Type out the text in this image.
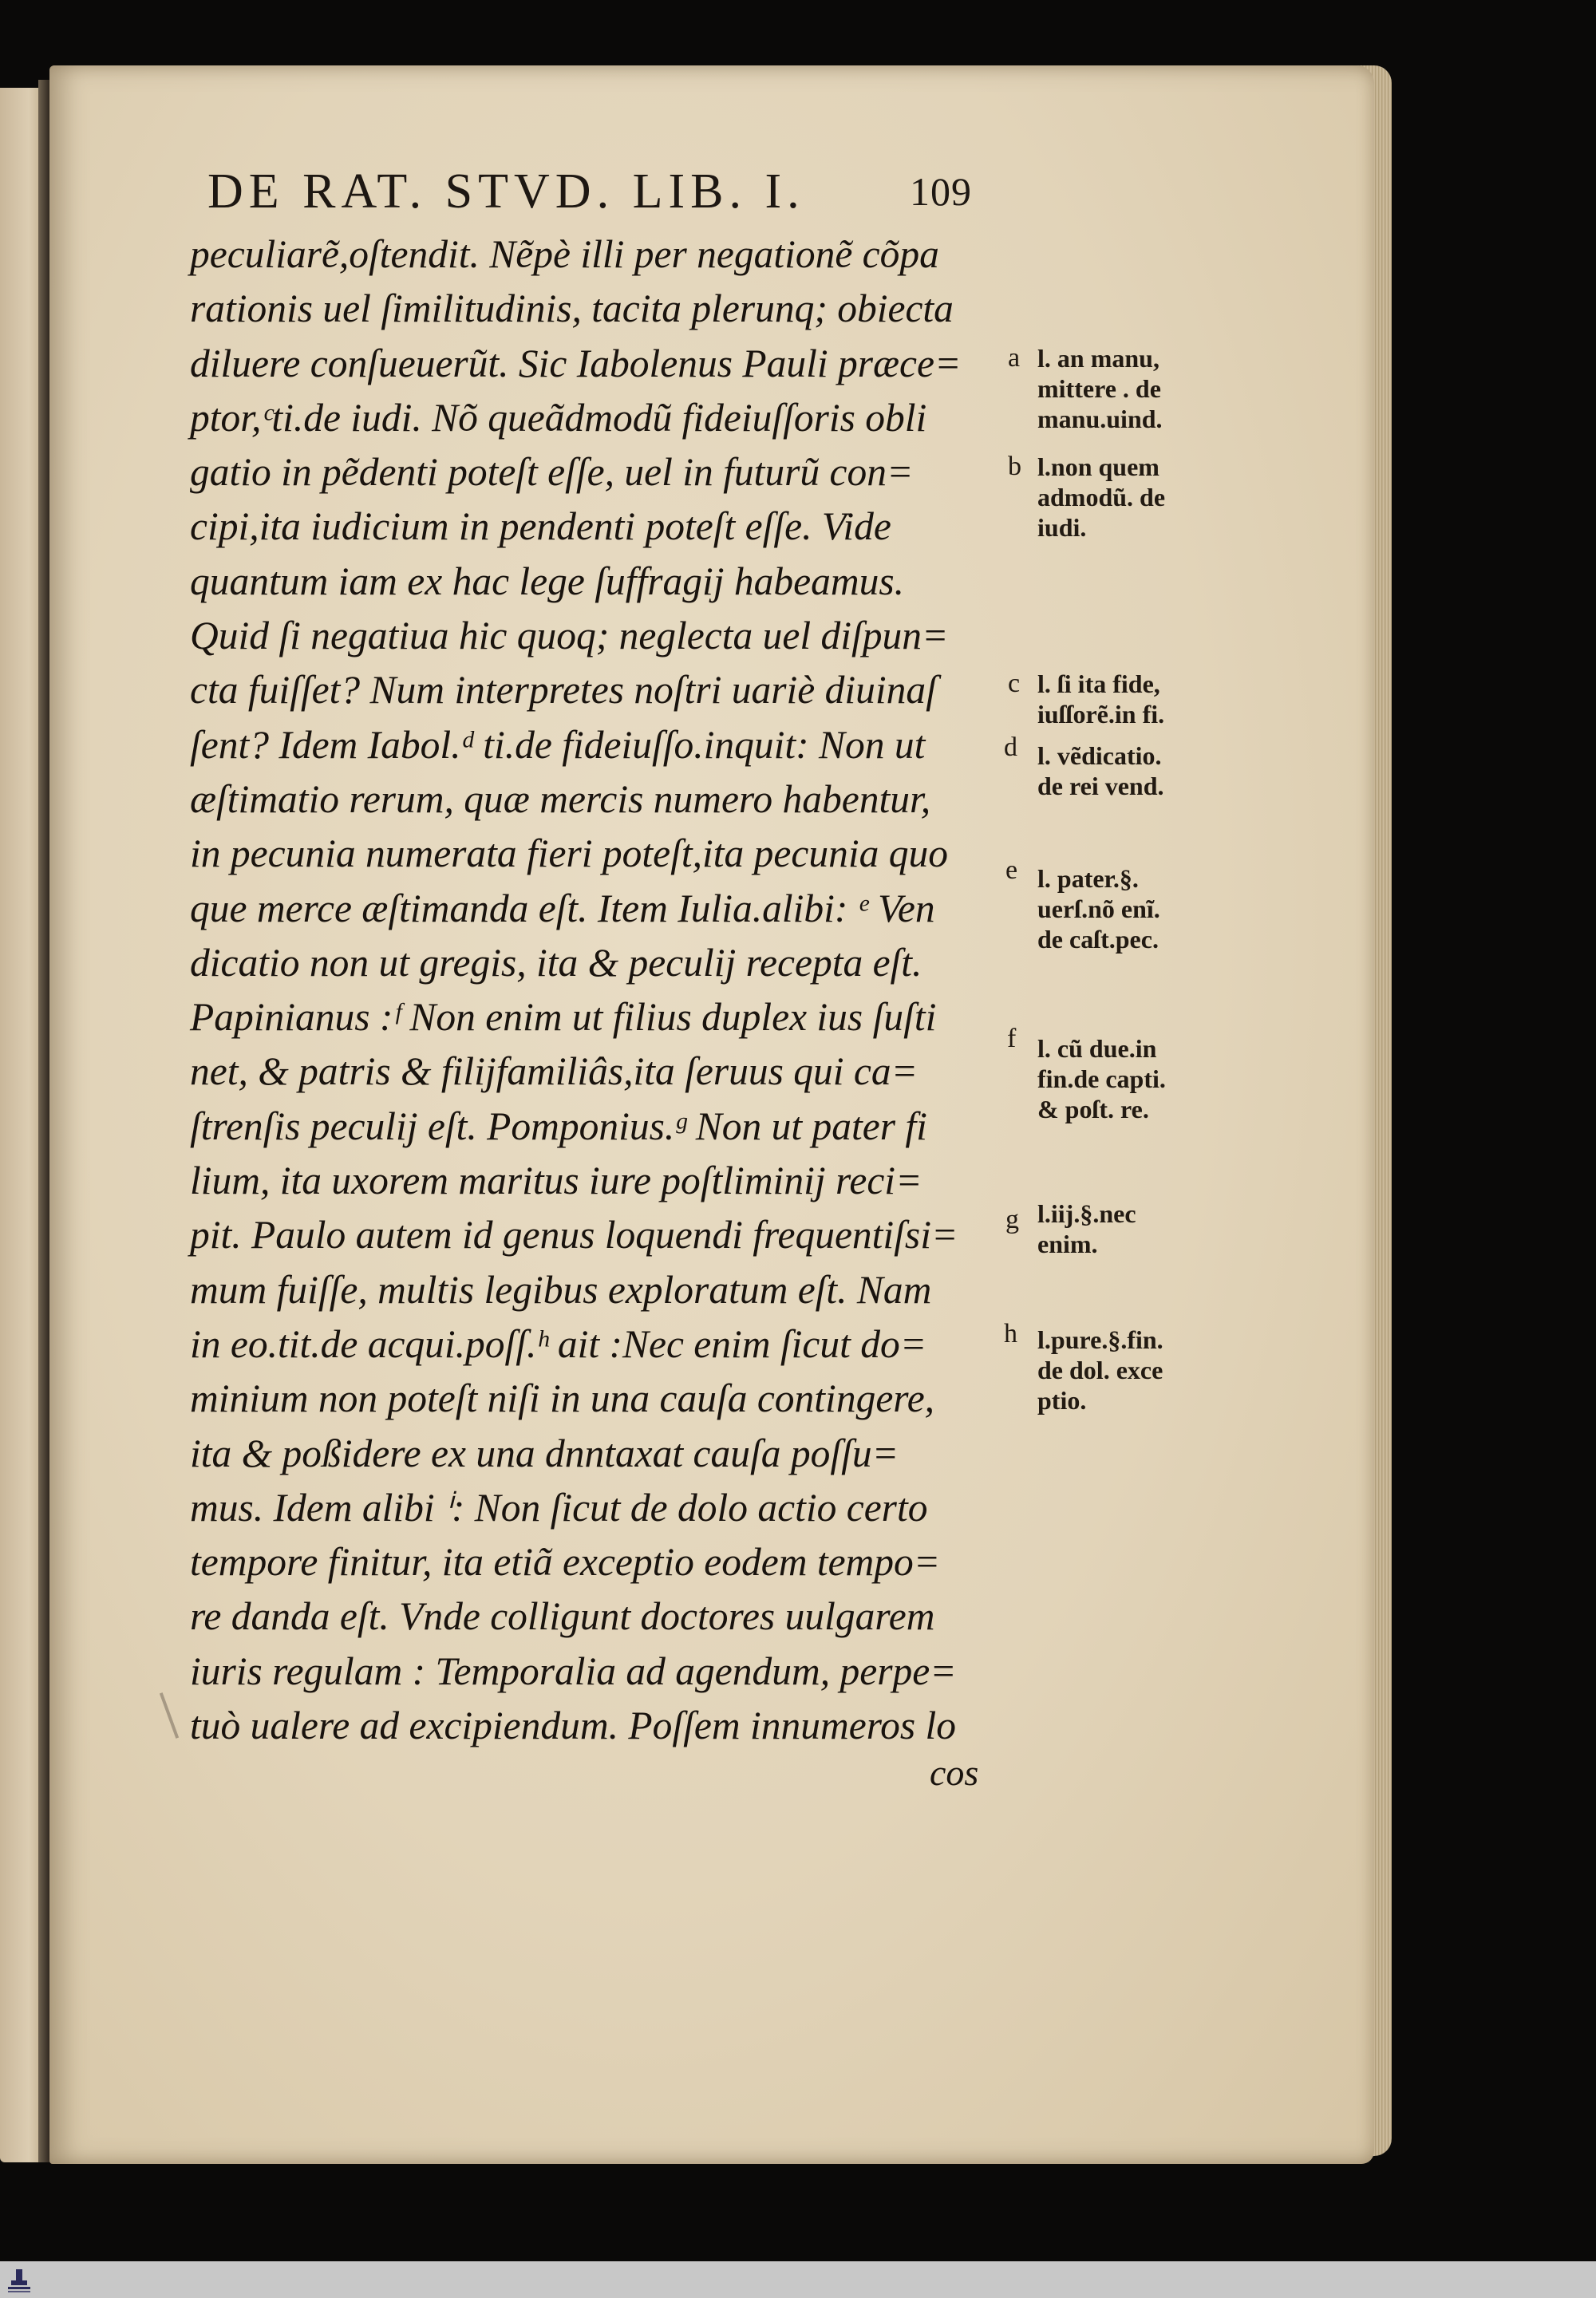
DE RAT. STVD. LIB. I.	109
peculiarẽ,oſtendit. Nẽpè illi per negationẽ cõpa
rationis uel ſimilitudinis, tacita plerunq; obiecta
diluere conſueuerũt. Sic Iabolenus Pauli præce=
ptor,ᶜti.de iudi. Nõ queãdmodũ fideiuſſoris obli
gatio in pẽdenti poteſt eſſe, uel in futurũ con=
cipi,ita iudicium in pendenti poteſt eſſe. Vide
quantum iam ex hac lege ſuffragij habeamus.
Quid ſi negatiua hic quoq; neglecta uel diſpun=
cta fuiſſet? Num interpretes noſtri uariè diuinaſ
ſent? Idem Iabol.ᵈ ti.de fideiuſſo.inquit: Non ut
æſtimatio rerum, quæ mercis numero habentur,
in pecunia numerata fieri poteſt,ita pecunia quo
que merce æſtimanda eſt. Item Iulia.alibi: ᵉ Ven
dicatio non ut gregis, ita & peculij recepta eſt.
Papinianus :ᶠ Non enim ut filius duplex ius ſuſti
net, & patris & filijfamiliâs,ita ſeruus qui ca=
ſtrenſis peculij eſt. Pomponius.ᵍ Non ut pater fi
lium, ita uxorem maritus iure poſtliminij reci=
pit. Paulo autem id genus loquendi frequentiſsi=
mum fuiſſe, multis legibus exploratum eſt. Nam
in eo.tit.de acqui.poſſ.ʰ ait :Nec enim ſicut do=
minium non poteſt niſi in una cauſa contingere,
ita & poßidere ex una dnntaxat cauſa poſſu=
mus. Idem alibi ⁱ: Non ſicut de dolo actio certo
tempore finitur, ita etiã exceptio eodem tempo=
re danda eſt. Vnde colligunt doctores uulgarem
iuris regulam : Temporalia ad agendum, perpe=
tuò ualere ad excipiendum. Poſſem innumeros lo
cos
a
b
c
d
e
f
g
h
l. an manu,
mittere . de
manu.uind.
l.non quem
admodũ. de
iudi.
l. ſi ita fide,
iuſſorẽ.in fi.
l. vẽdicatio.
de rei vend.
l. pater.§.
uerſ.nõ enĩ.
de caſt.pec.
l. cũ due.in
fin.de capti.
& poſt. re.
l.iij.§.nec
enim.
l.pure.§.fin.
de dol. exce
ptio.
